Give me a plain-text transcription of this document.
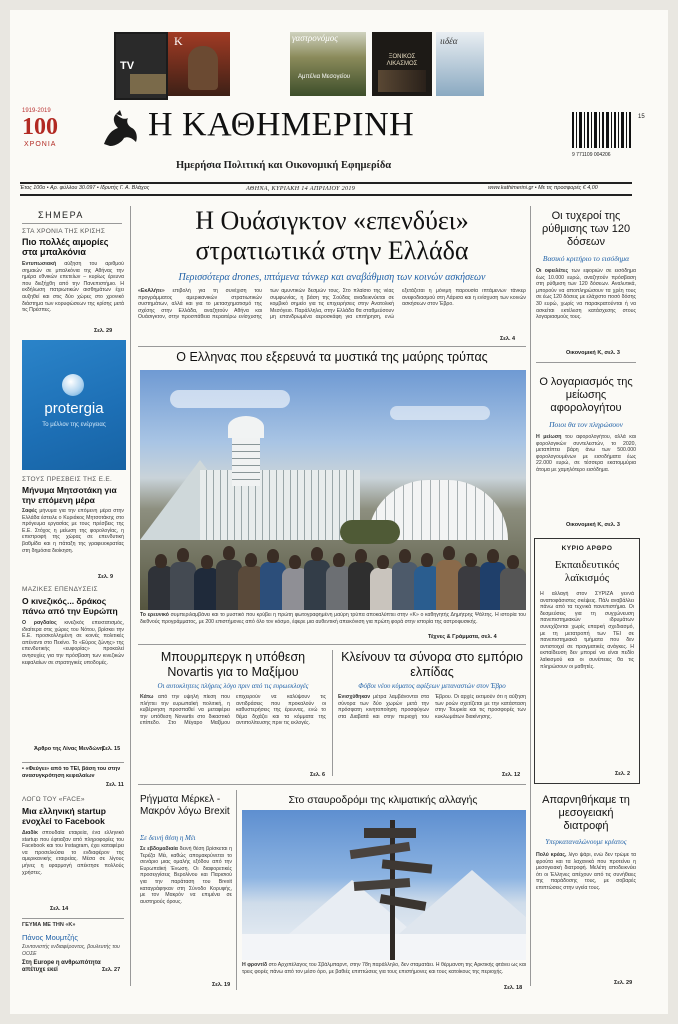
TV
K	γαστρονόμος
Αμπέλια Μεσογείου
ΞΟΝΙΚΟΣ ΛΙΚΑΣΜΟΣ
ιιδέα
1919-2019
100
ΧΡΟΝΙΑ
Η ΚΑΘΗΜΕΡΙΝΗ
Ημερήσια Πολιτική και Οικονομική Εφημερίδα
9 771109 004206
15
Έτος 100ο • Αρ. φύλλου 30.097 • Ιδρυτής Γ. Α. Βλάχος	ΑΘΗΝΑ, ΚΥΡΙΑΚΗ 14 ΑΠΡΙΛΙΟΥ 2019	www.kathimerini.gr • Με τις προσφορές € 4,00
ΣΗΜΕΡΑ
ΣΤΑ ΧΡΟΝΙΑ ΤΗΣ ΚΡΙΣΗΣ
Πιο πολλές αιμορίες στα μπαλκόνια
Εντυπωσιακή αύξηση του αριθμού σημαιών σε μπαλκόνια της Αθήνας την ημέρα εθνικών επετείων – κυρίως έρευνα που διεξήχθη από την Πανεπιστήμιο. Η εκδήλωση πατριωτικών αισθημάτων έχει αυξηθεί και στις δύο χώρες στο χρονικό διάστημα των κορυφώσεων της κρίσης μετά τις Πρέσπες.
Σελ. 29
protergia
Το μέλλον της ενέργειας
ΣΤΟΥΣ ΠΡΕΣΒΕΙΣ ΤΗΣ Ε.Ε.
Μήνυμα Μητσοτάκη για την επόμενη μέρα
Σαφές μήνυμα για την επόμενη μέρα στην Ελλάδα έστειλε ο Κυριάκος Μητσοτάκης στο πρόγευμα εργασίας με τους πρέσβεις της Ε.Ε. Στόχος η μείωση της φορολογίας, η επιστροφή της χώρας σε επενδυτική βαθμίδα και η πάταξη της γραφειοκρατίας στη δημόσια διοίκηση.
Σελ. 9
ΜΑΖΙΚΕΣ ΕΠΕΝΔΥΣΕΙΣ
Ο κινεζικός... δράκος πάνω από την Ευρώπη
Ο ραγδαίος κινεζικός επεκτατισμός, ιδιαίτερα στις χώρες του Νότου, βρίσκει την Ε.Ε. προσκολλημένη σε κοινές πολιτικές απέναντι στο Πεκίνο. Το «Εύρος ζώνης» της επενδυτικής «ευφορίας» προκαλεί ανησυχίες για την πρόσβαση των κινεζικών κεφαλαίων σε στρατηγικές υποδομές.
Άρθρο της Λίνας Μενδώνη.
Σελ. 15
• «Φεύγει» από το ΤΕΙ, βάση του στην ανασυγκρότηση κεφαλαίων
Σελ. 11
ΛΟΓΩ ΤΟΥ «FACE»
Μια ελληνική startup ενοχλεί το Facebook
Διαδίκ σπουδαία εταιρεία, ένα ελληνικό startup που έφτιαξαν από πληροφορίες του Facebook και του Instagram, έχει καταφέρει να προσελκύσει το ενδιαφέρον της αμερικανικής εταιρείας. Μέσα σε λίγους μήνες η εφαρμογή απέκτησε πολλούς χρήστες.
Σελ. 14
ΓΕΥΜΑ ΜΕ ΤΗΝ «Κ»
Πάνος Μουμτζής
Συντονιστής ενδιαφέροντος, βουλευτής του ΟΟΣΕ
Στη Europe η ανθρωπότητα απέτυχε εκεί	Σελ. 27
Η Ουάσιγκτον «επενδύει» στρατιωτικά στην Ελλάδα
Περισσότερα drones, ιπτάμενα τάνκερ και αναβάθμιση των κοινών ασκήσεων
«ΕκΑλήτε» επιβολή για τη συνέχιση του προγράμματος αμερικανικών στρατιωτικών συστημάτων, αλλά και για το μετασχηματισμό της σχέσης στην Ελλάδα, αναζητούν Αθήνα και Ουάσιγκτον, στην προσπάθεια περαιτέρω ενίσχυσης των αμυντικών δεσμών τους. Στο πλαίσιο της νέας συμφωνίας, η βάση της Σούδας αναδεικνύεται σε κομβικό σημείο για τις επιχειρήσεις στην Ανατολική Μεσόγειο. Παράλληλα, στην Ελλάδα θα σταθμεύσουν μη επανδρωμένα αεροσκάφη για επιτήρηση, ενώ εξετάζεται η μόνιμη παρουσία ιπτάμενων τάνκερ ανεφοδιασμού στη Λάρισα και η ενίσχυση των κοινών ασκήσεων στον Έβρο.
Σελ. 4
Ο Ελληνας που εξερευνά τα μυστικά της μαύρης τρύπας
Το ερευνικό συμπεριλαμβάνει και το μυστικό που κρύβει η πρώτη φωτογραφημένη μαύρη τρύπα αποκαλύπτει στην «Κ» ο καθηγητής Δημήτρης Ψάλτης. Η ιστορία του διεθνούς προγράμματος, με 200 επιστήμονες από όλο τον κόσμο, έφερε μια αυθεντική απεικόνιση για πρώτη φορά στην ιστορία της αστροφυσικής.
Τέχνες & Γράμματα, σελ. 4
Μπουρμπεργκ η υπόθεση Novartis για το Μαξίμου
Οι αυτοκλητεις πλήρεις λόγο πριν από τις ευρωεκλογές
Κάτω από την υψηλή πίεση που πλήττει την ευρωπαϊκή πολιτική, η κυβέρνηση προσπαθεί να μεταφέρει την υπόθεση Novartis στο δικαστικό επίπεδο. Στο Μέγαρο Μαξίμου επιχειρούν να καλύψουν τις αντιδράσεις που προκαλούν οι καθυστερήσεις της έρευνας, ενώ το θέμα διχάζει και τα κόμματα της αντιπολίτευσης πριν τις εκλογές.
Σελ. 6
Κλείνουν τα σύνορα στο εμπόριο ελπίδας
Φόβοι νέου κύματος αφίξεων μεταναστών στον Έβρο
Ενισχύθηκαν μέτρα λαμβάνονται στα σύνορα των δύο χωρών μετά την πρόσφατη κινητοποίηση προσφύγων στα Διαβατά και στην περιοχή του Έβρου. Οι αρχές εκτιμούν ότι η αύξηση των ροών σχετίζεται με την κατάσταση στην Τουρκία και τις προσφορές των κυκλωμάτων διακίνησης.
Σελ. 12
Ρήγματα Μέρκελ - Μακρόν λόγω Brexit
Σε δεινή θέση η Μέι
Σε εβδομαδιαία δεινή θέση βρίσκεται η Τερέζα Μέι, καθώς απομακρύνεται το σενάριο μιας ομαλής εξόδου από την Ευρωπαϊκή Ένωση. Οι διαφορετικές προσεγγίσεις Βερολίνου και Παρισιού για την παράταση του Brexit καταγράφηκαν στη Σύνοδο Κορυφής, με τον Μακρόν να επιμένει σε αυστηρούς όρους.
Σελ. 19
Στο σταυροδρόμι της κλιματικής αλλαγής
Η φροντίδ στο Αρχιπέλαγος του Σβάλμπαρντ, στην 78η παράλληλο, δεν σταματάει. Η θέρμανση της Αρκτικής φτάνει ως και τρεις φορές πάνω από τον μέσο όρο, με βαθιές επιπτώσεις για τους επιστήμονες και τους κατοίκους της περιοχής.
Σελ. 18
Οι τυχεροί της ρύθμισης των 120 δόσεων
Βασικό κριτήριο το εισόδημα
Οι οφειλέτες των εφοριών σε εισόδημα έως 10.000 ευρώ, αναζητούν πρόσβαση στη ρύθμιση των 120 δόσεων. Αναλυτικά, μπορούν να αποπληρώσουν τα χρέη τους σε έως 120 δόσεις με ελάχιστο ποσό δόσης 30 ευρώ, χωρίς να παρακρατούνται ή να ασκείται εκτέλεση κατάσχεσης στους λογαριασμούς τους.
Οικονομική Κ, σελ. 3
Ο λογαριασμός της μείωσης αφορολογήτου
Ποιοι θα τον πληρώσουν
Η μείωση του αφορολογήτου, αλλά και φορολογικών συντελεστών, το 2020, μεταπίπτει βάρη άνω των 500.000 φορολογουμένων με εισοδήματα έως 22.000 ευρώ, σε τέσσερα εκατομμύρια άτομα με χαμηλότερο εισόδημα.
Οικονομική Κ, σελ. 3
ΚΥΡΙΟ ΑΡΘΡΟ
Εκπαιδευτικός λαϊκισμός
Η αλλαγή στον ΣΥΡΙΖΑ γεννά αναποφάσιστες σκέψεις. Πάλι αναβάλλει πάνω από τα τεχνικά πανεπιστήμια. Οι δεσμεύσεις για τη συγχώνευση πανεπιστημιακών ιδρυμάτων συνεχίζονται χωρίς επαρκή σχεδιασμό, με τη μετατροπή των ΤΕΙ σε πανεπιστημιακά τμήματα που δεν αντιστοιχεί σε πραγματικές ανάγκες. Η εκπαίδευση δεν μπορεί να είναι πεδίο λαϊκισμού και οι συνέπειες θα τις πληρώσουν οι μαθητές.
Σελ. 2
Απαρνηθήκαμε τη μεσογειακή διατροφή
Υπερκαταναλώνουμε κρέατος
Πολύ κρέας, λίγο ψάρι, ενώ δεν τρώμε τα φρούτα και τα λαχανικά που προτείνει η μεσογειακή διατροφή. Μελέτη αποδεικνύει ότι οι Έλληνες απέχουν από τις συνήθειες της παράδοσης τους, με σοβαρές επιπτώσεις στην υγεία τους.
Σελ. 29
